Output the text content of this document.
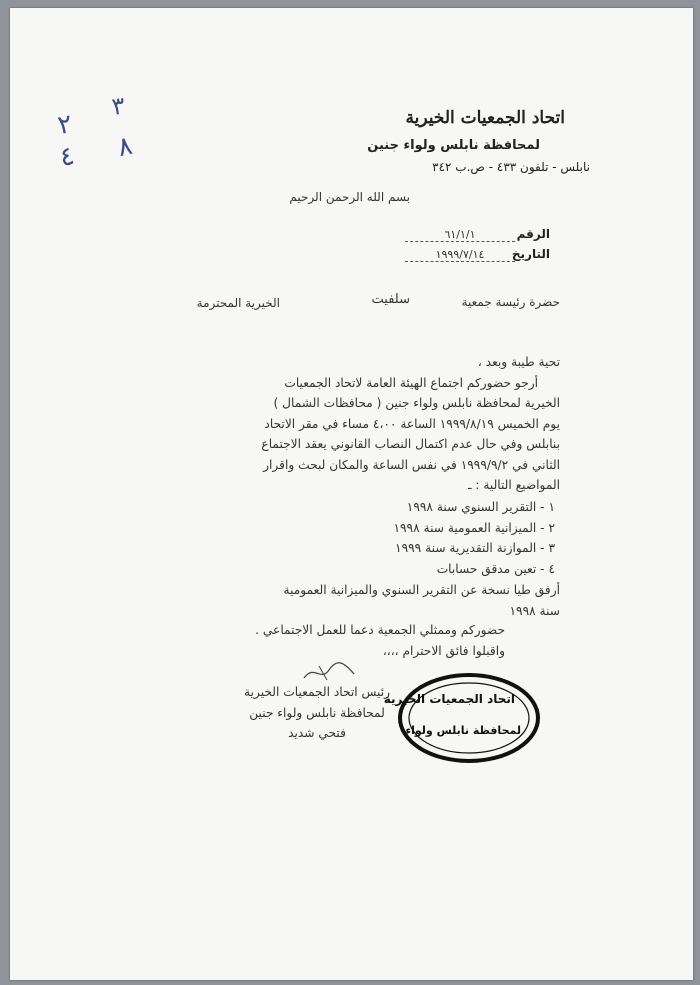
٢
٣
٤ ٨
اتحاد الجمعيات الخيرية
لمحافظة نابلس ولواء جنين
نابلس - تلفون ٤٣٣ - ص.ب ٣٤٢
بسم الله الرحمن الرحيم
الرقم
٦١/١/١
التاريخ
١٩٩٩/٧/١٤
حضرة رئيسة جمعية
سلفيت
الخيرية المحترمة

تحية طيبة وبعد ،

أرجو حضوركم اجتماع الهيئة العامة لاتحاد الجمعيات

الخيرية لمحافظة نابلس ولواء جنين ( محافظات الشمال )

يوم الخميس ١٩٩٩/٨/١٩ الساعة ٤،٠٠ مساء في مقر الاتحاد

بنابلس وفي حال عدم اكتمال النصاب القانوني يعقد الاجتماع

الثاني في ١٩٩٩/٩/٢ في نفس الساعة والمكان لبحث واقرار

المواضيع التالية : ـ

١ - التقرير السنوي سنة ١٩٩٨

٢ - الميزانية العمومية سنة ١٩٩٨

٣ - الموازنة التقديرية سنة ١٩٩٩

٤ - تعين مدقق حسابات

أرفق طيا نسخة عن التقرير السنوي والميزانية العمومية

سنة ١٩٩٨

حضوركم وممثلي الجمعية دعما للعمل الاجتماعي .

واقبلوا فائق الاحترام ،،،،

رئيس اتحاد الجمعيات الخيرية

لمحافظة نابلس ولواء جنين

فتحي شديد

اتحاد الجمعيات الخيرية
لمحافظة نابلس ولواء
